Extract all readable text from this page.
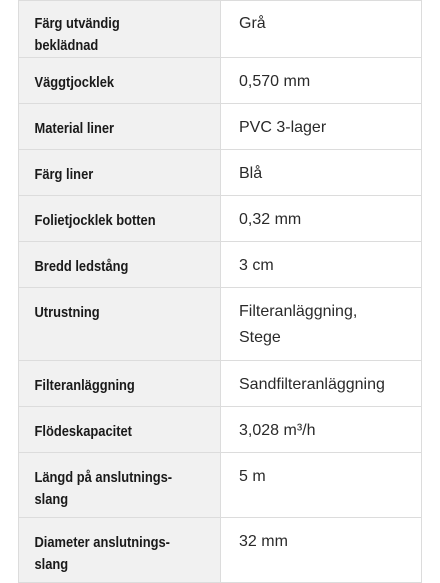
Färg utvändig beklädnad	Grå

Väggtjocklek	0,570 mm

Material liner	PVC 3-lager

Färg liner	Blå

Folietjocklek botten	0,32 mm

Bredd ledstång	3 cm

Utrustning	Filteranläggning,
Stege

Filteranläggning	Sandfilteranläggning

Flödeskapacitet	3,028 m³/h

Längd på anslutnings-
slang	5 m

Diameter anslutnings-
slang	32 mm
